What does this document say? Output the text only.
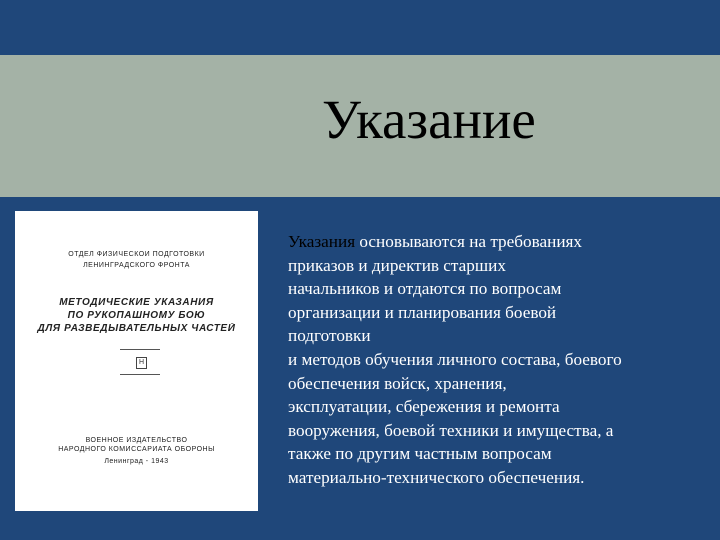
Указание
ОТДЕЛ ФИЗИЧЕСКОЙ ПОДГОТОВКИ
ЛЕНИНГРАДСКОГО ФРОНТА
МЕТОДИЧЕСКИЕ УКАЗАНИЯ
ПО РУКОПАШНОМУ БОЮ
ДЛЯ РАЗВЕДЫВАТЕЛЬНЫХ ЧАСТЕЙ
Н
ВОЕННОЕ ИЗДАТЕЛЬСТВО
НАРОДНОГО КОМИССАРИАТА ОБОРОНЫ
Ленинград - 1943
Указания основываются на требованиях
приказов и директив старших
начальников и отдаются по вопросам
организации и планирования боевой
подготовки
и методов обучения личного состава, боевого
обеспечения войск, хранения,
эксплуатации, сбережения и ремонта
вооружения, боевой техники и имущества, а
также по другим частным вопросам
материально-технического обеспечения.
